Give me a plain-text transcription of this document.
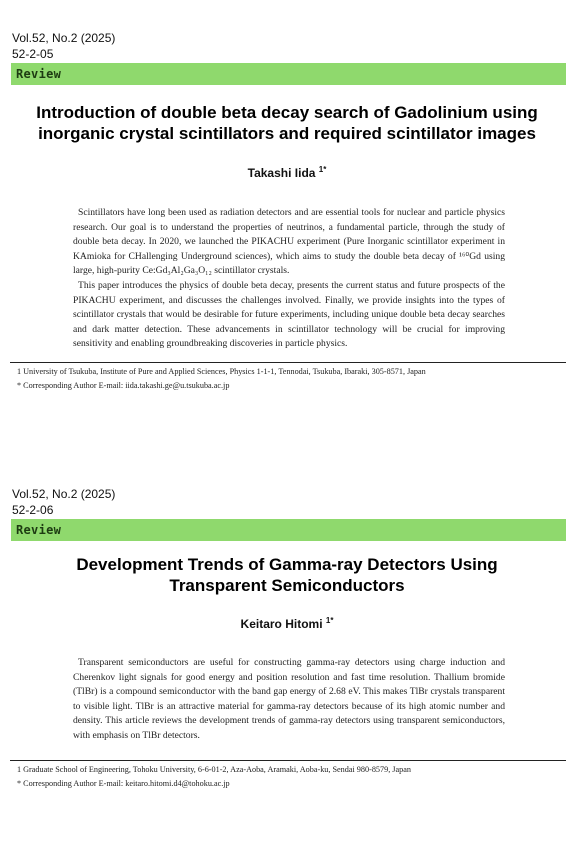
Vol.52, No.2 (2025)
52-2-05
Review
Introduction of double beta decay search of Gadolinium using
inorganic crystal scintillators and required scintillator images
Takashi Iida $^{1*}$

Scintillators have long been used as radiation detectors and are essential tools for nuclear and particle physics research. Our goal is to understand the properties of neutrinos, a fundamental particle, through the study of double beta decay. In 2020, we launched the PIKACHU experiment (Pure Inorganic scintillator experiment in KAmioka for CHallenging Underground sciences), which aims to study the double beta decay of ¹⁶⁰Gd using large, high-purity Ce:Gd₃Al₂Ga₃O₁₂ scintillator crystals.

This paper introduces the physics of double beta decay, presents the current status and future prospects of the PIKACHU experiment, and discusses the challenges involved. Finally, we provide insights into the types of scintillator crystals that would be desirable for future experiments, including unique double beta decay searches and dark matter detection. These advancements in scintillator technology will be crucial for improving sensitivity and enabling groundbreaking discoveries in particle physics.

1 University of Tsukuba, Institute of Pure and Applied Sciences, Physics 1-1-1, Tennodai, Tsukuba, Ibaraki, 305-8571, Japan
* Corresponding Author E-mail: iida.takashi.ge@u.tsukuba.ac.jp
Vol.52, No.2 (2025)
52-2-06
Review
Development Trends of Gamma-ray Detectors Using
Transparent Semiconductors
Keitaro Hitomi $^{1*}$

Transparent semiconductors are useful for constructing gamma-ray detectors using charge induction and Cherenkov light signals for good energy and position resolution and fast time resolution. Thallium bromide (TlBr) is a compound semiconductor with the band gap energy of 2.68 eV. This makes TlBr crystals transparent to visible light. TlBr is an attractive material for gamma-ray detectors because of its high atomic number and density. This article reviews the development trends of gamma-ray detectors using transparent semiconductors, with emphasis on TlBr detectors.

1 Graduate School of Engineering, Tohoku University, 6-6-01-2, Aza-Aoba, Aramaki, Aoba-ku, Sendai 980-8579, Japan
* Corresponding Author E-mail: keitaro.hitomi.d4@tohoku.ac.jp
